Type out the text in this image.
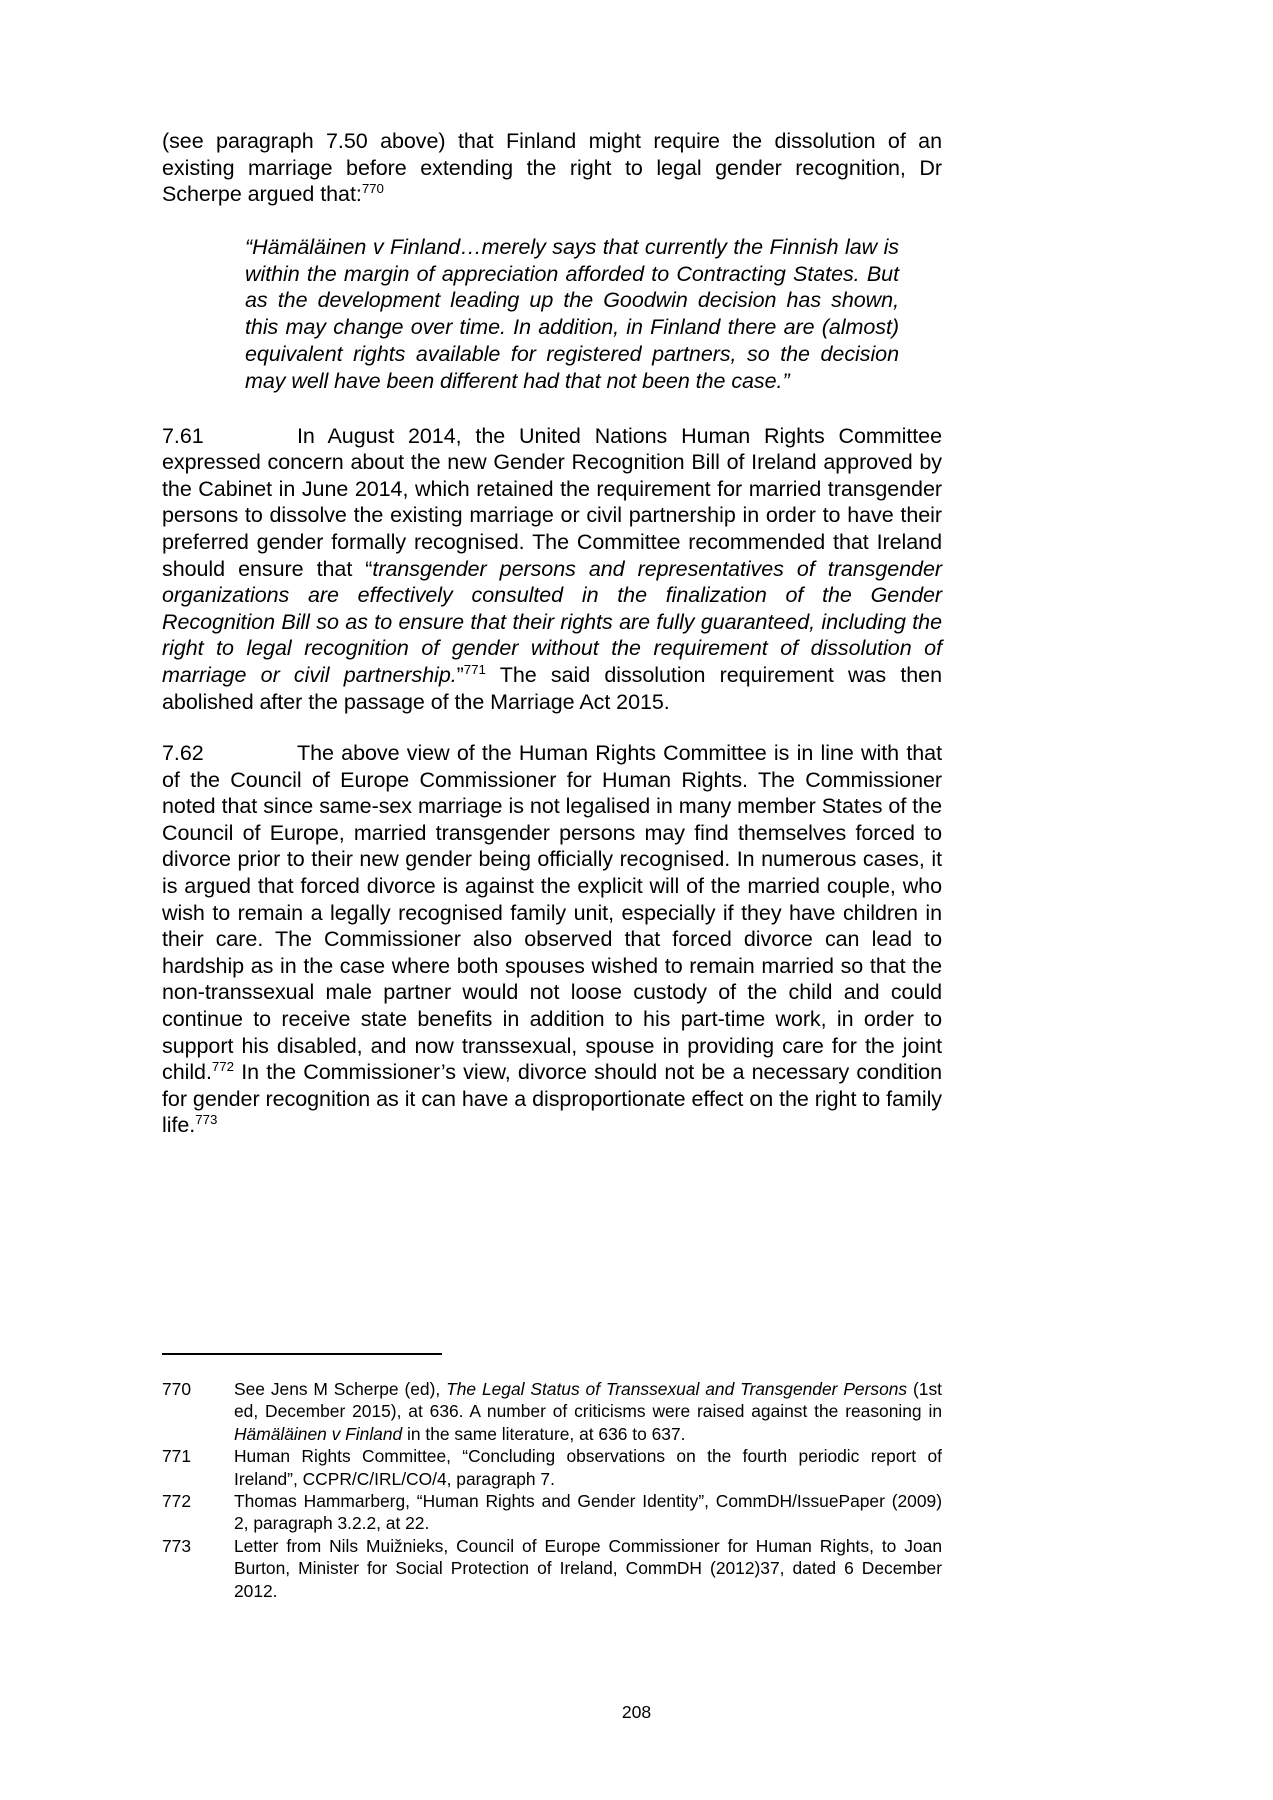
(see paragraph 7.50 above) that Finland might require the dissolution of an existing marriage before extending the right to legal gender recognition, Dr Scherpe argued that:$^{770}$

“Hämäläinen v Finland…merely says that currently the Finnish law is within the margin of appreciation afforded to Contracting States. But as the development leading up the Goodwin decision has shown, this may change over time. In addition, in Finland there are (almost) equivalent rights available for registered partners, so the decision may well have been different had that not been the case.”

7.61	In August 2014, the United Nations Human Rights Committee expressed concern about the new Gender Recognition Bill of Ireland approved by the Cabinet in June 2014, which retained the requirement for married transgender persons to dissolve the existing marriage or civil partnership in order to have their preferred gender formally recognised. The Committee recommended that Ireland should ensure that “transgender persons and representatives of transgender organizations are effectively consulted in the finalization of the Gender Recognition Bill so as to ensure that their rights are fully guaranteed, including the right to legal recognition of gender without the requirement of dissolution of marriage or civil partnership.”$^{771}$ The said dissolution requirement was then abolished after the passage of the Marriage Act 2015.

7.62	The above view of the Human Rights Committee is in line with that of the Council of Europe Commissioner for Human Rights. The Commissioner noted that since same-sex marriage is not legalised in many member States of the Council of Europe, married transgender persons may find themselves forced to divorce prior to their new gender being officially recognised. In numerous cases, it is argued that forced divorce is against the explicit will of the married couple, who wish to remain a legally recognised family unit, especially if they have children in their care. The Commissioner also observed that forced divorce can lead to hardship as in the case where both spouses wished to remain married so that the non-transsexual male partner would not loose custody of the child and could continue to receive state benefits in addition to his part-time work, in order to support his disabled, and now transsexual, spouse in providing care for the joint child.$^{772}$ In the Commissioner’s view, divorce should not be a necessary condition for gender recognition as it can have a disproportionate effect on the right to family life.$^{773}$

770	See Jens M Scherpe (ed), The Legal Status of Transsexual and Transgender Persons (1st ed, December 2015), at 636. A number of criticisms were raised against the reasoning in Hämäläinen v Finland in the same literature, at 636 to 637.
771	Human Rights Committee, “Concluding observations on the fourth periodic report of Ireland”, CCPR/C/IRL/CO/4, paragraph 7.
772	Thomas Hammarberg, “Human Rights and Gender Identity”, CommDH/IssuePaper (2009) 2, paragraph 3.2.2, at 22.
773	Letter from Nils Muižnieks, Council of Europe Commissioner for Human Rights, to Joan Burton, Minister for Social Protection of Ireland, CommDH (2012)37, dated 6 December 2012.
208
